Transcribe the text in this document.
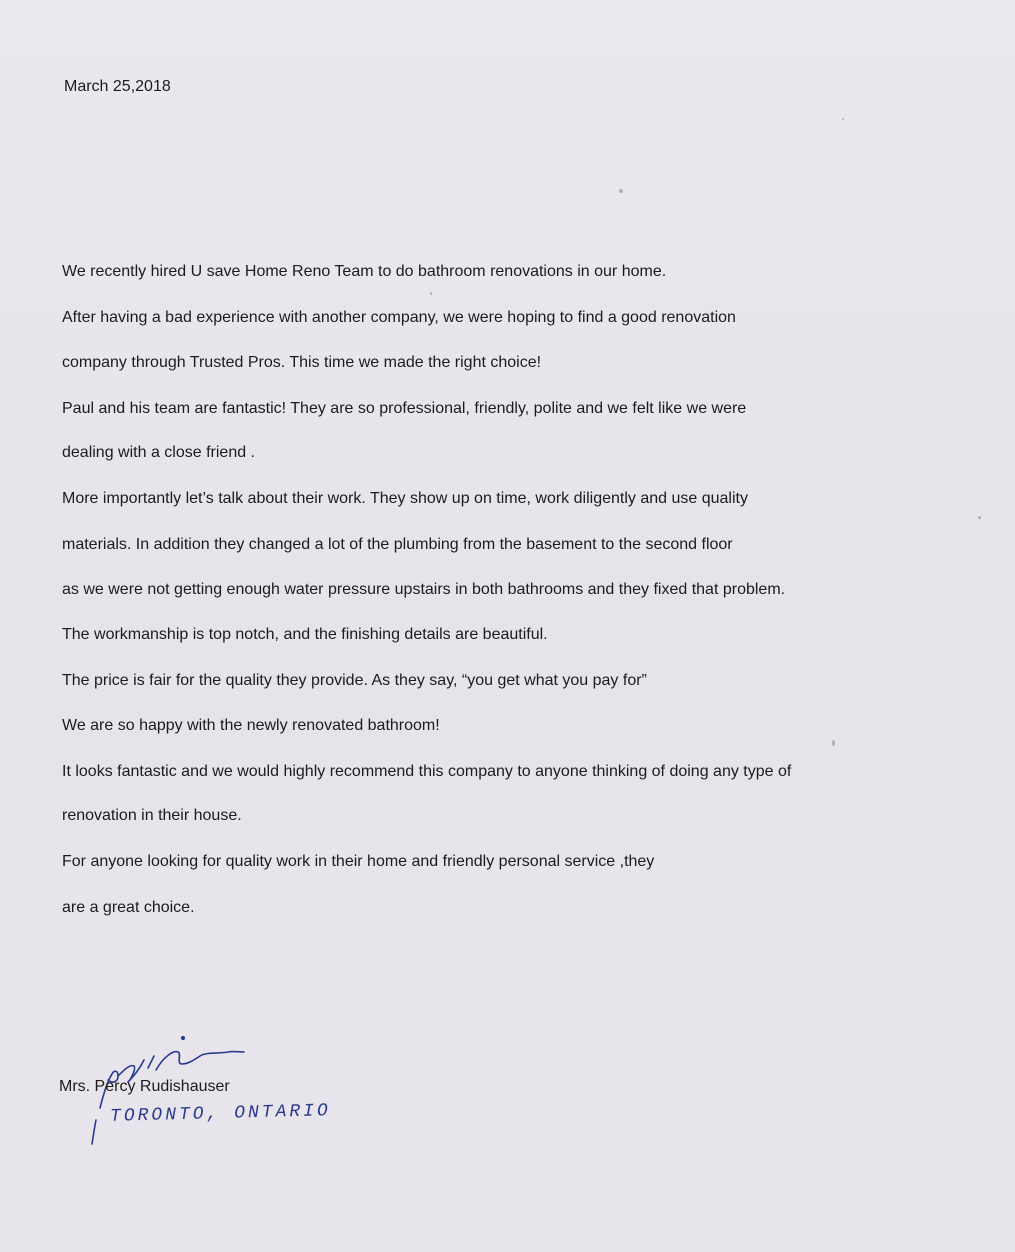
March 25,2018

We recently hired U save Home Reno Team to do bathroom renovations in our home.

After having a bad experience with another company, we were hoping to find a good renovation

company through Trusted Pros. This time we made the right choice!

Paul and his team are fantastic! They are so professional, friendly, polite and we felt like we were

dealing with a close friend .

More importantly let’s talk about their work. They show up on time, work diligently and use quality

materials. In addition they changed a lot of the plumbing from the basement to the second floor

as we were not getting enough water pressure upstairs in both bathrooms and they fixed that problem.

The workmanship is top notch, and the finishing details are beautiful.

The price is fair for the quality they provide. As they say, “you get what you pay for”

We are so happy with the newly renovated bathroom!

It looks fantastic and we would highly recommend this company to anyone thinking of doing any type of

renovation in their house.

For anyone looking for quality work in their home and friendly personal service ,they

are a great choice.

Mrs. Percy Rudishauser

TORONTO, ONTARIO
